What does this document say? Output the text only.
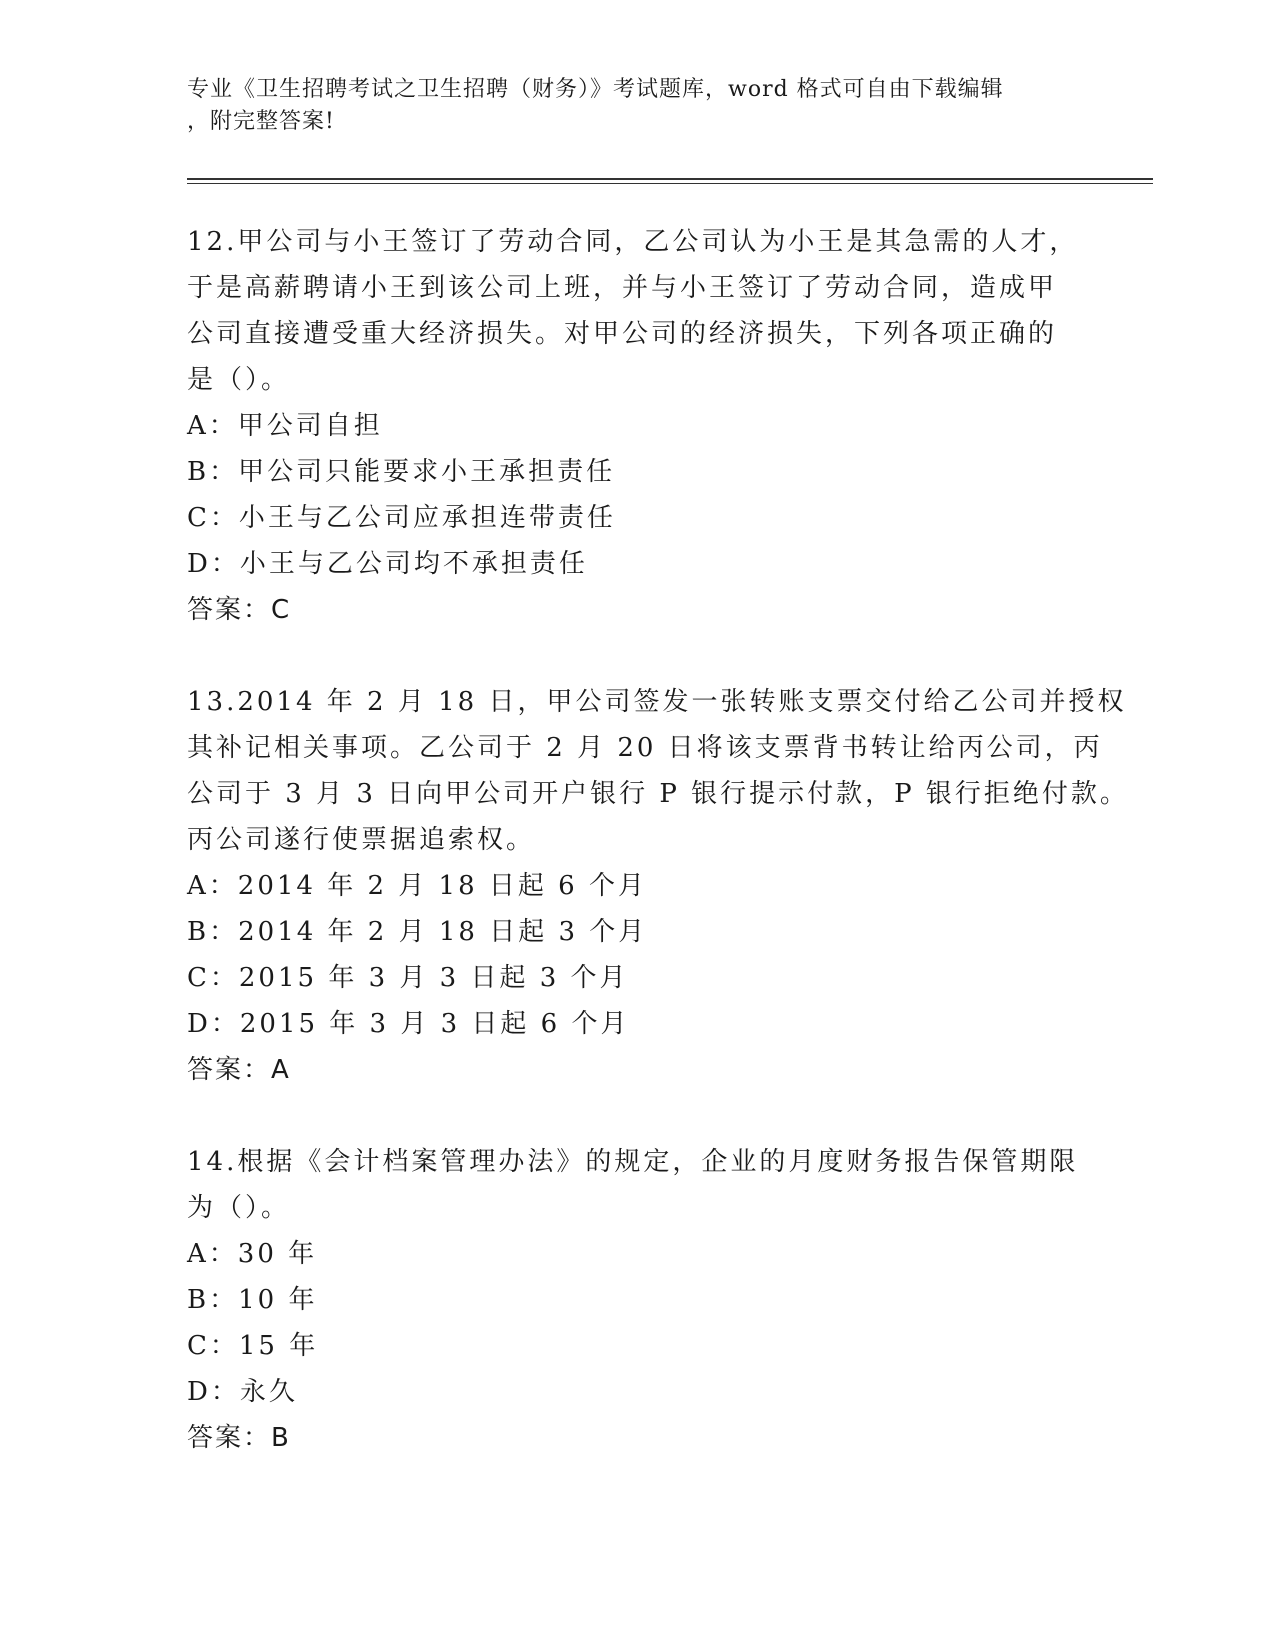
专业《卫生招聘考试之卫生招聘（财务）》考试题库，word 格式可自由下载编辑
，附完整答案!
12.甲公司与小王签订了劳动合同，乙公司认为小王是其急需的人才，
于是高薪聘请小王到该公司上班，并与小王签订了劳动合同，造成甲
公司直接遭受重大经济损失。对甲公司的经济损失，下列各项正确的
是（）。
A：甲公司自担
B：甲公司只能要求小王承担责任
C：小王与乙公司应承担连带责任
D：小王与乙公司均不承担责任
答案：C
13.2014 年 2 月 18 日，甲公司签发一张转账支票交付给乙公司并授权
其补记相关事项。乙公司于 2 月 20 日将该支票背书转让给丙公司，丙
公司于 3 月 3 日向甲公司开户银行 P 银行提示付款，P 银行拒绝付款。
丙公司遂行使票据追索权。
A：2014 年 2 月 18 日起 6 个月
B：2014 年 2 月 18 日起 3 个月
C：2015 年 3 月 3 日起 3 个月
D：2015 年 3 月 3 日起 6 个月
答案：A
14.根据《会计档案管理办法》的规定，企业的月度财务报告保管期限
为（）。
A：30 年
B：10 年
C：15 年
D：永久
答案：B
